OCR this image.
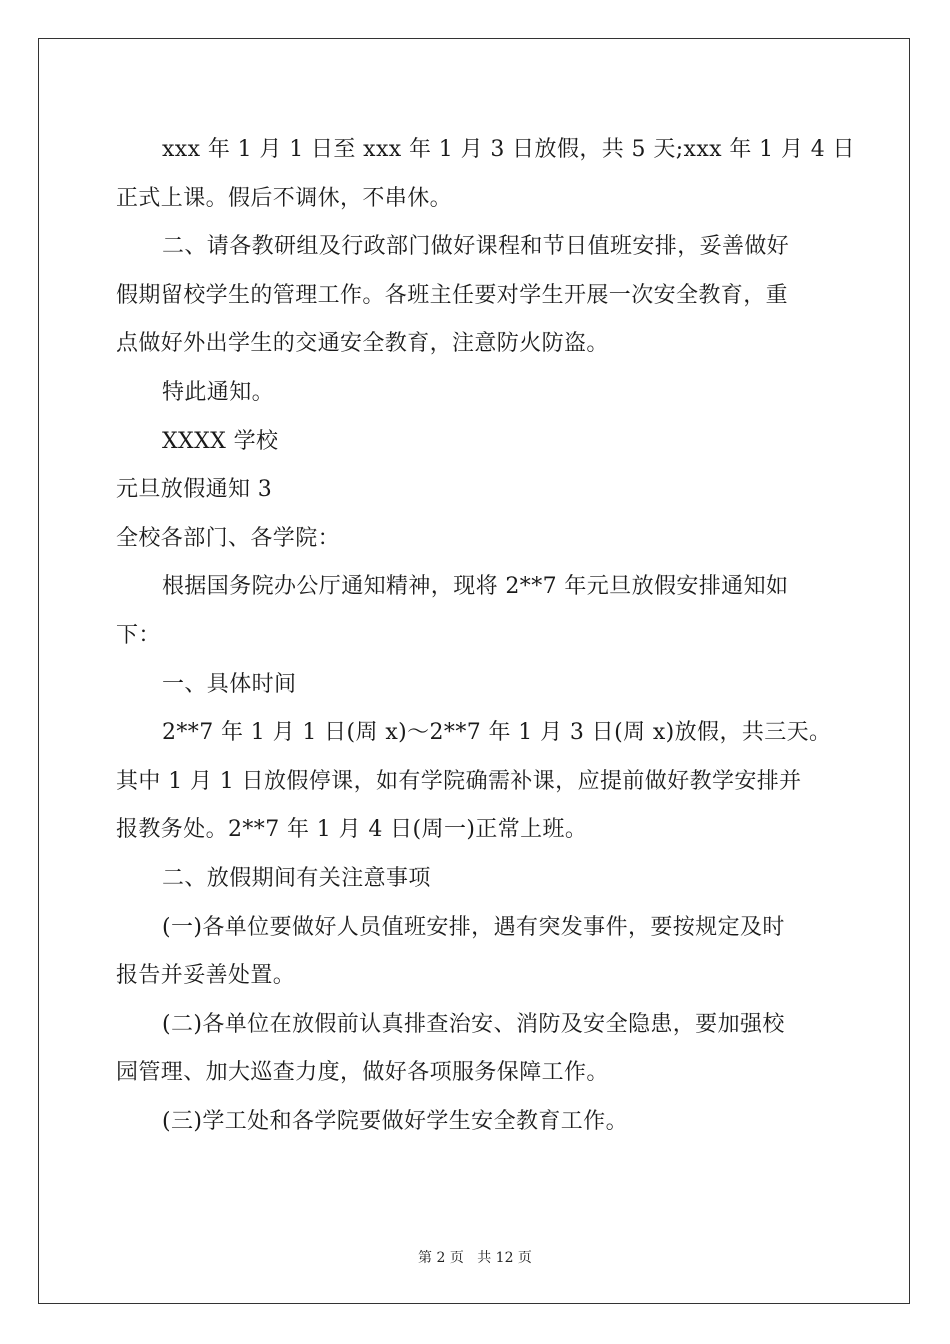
xxx 年 1 月 1 日至 xxx 年 1 月 3 日放假，共 5 天;xxx 年 1 月 4 日
正式上课。假后不调休，不串休。
二、请各教研组及行政部门做好课程和节日值班安排，妥善做好
假期留校学生的管理工作。各班主任要对学生开展一次安全教育，重
点做好外出学生的交通安全教育，注意防火防盗。
特此通知。
XXXX 学校
元旦放假通知 3
全校各部门、各学院：
根据国务院办公厅通知精神，现将 2**7 年元旦放假安排通知如
下：
一、具体时间
2**7 年 1 月 1 日(周 x)～2**7 年 1 月 3 日(周 x)放假，共三天。
其中 1 月 1 日放假停课，如有学院确需补课，应提前做好教学安排并
报教务处。2**7 年 1 月 4 日(周一)正常上班。
二、放假期间有关注意事项
(一)各单位要做好人员值班安排，遇有突发事件，要按规定及时
报告并妥善处置。
(二)各单位在放假前认真排查治安、消防及安全隐患，要加强校
园管理、加大巡查力度，做好各项服务保障工作。
(三)学工处和各学院要做好学生安全教育工作。
第 2 页 共 12 页
